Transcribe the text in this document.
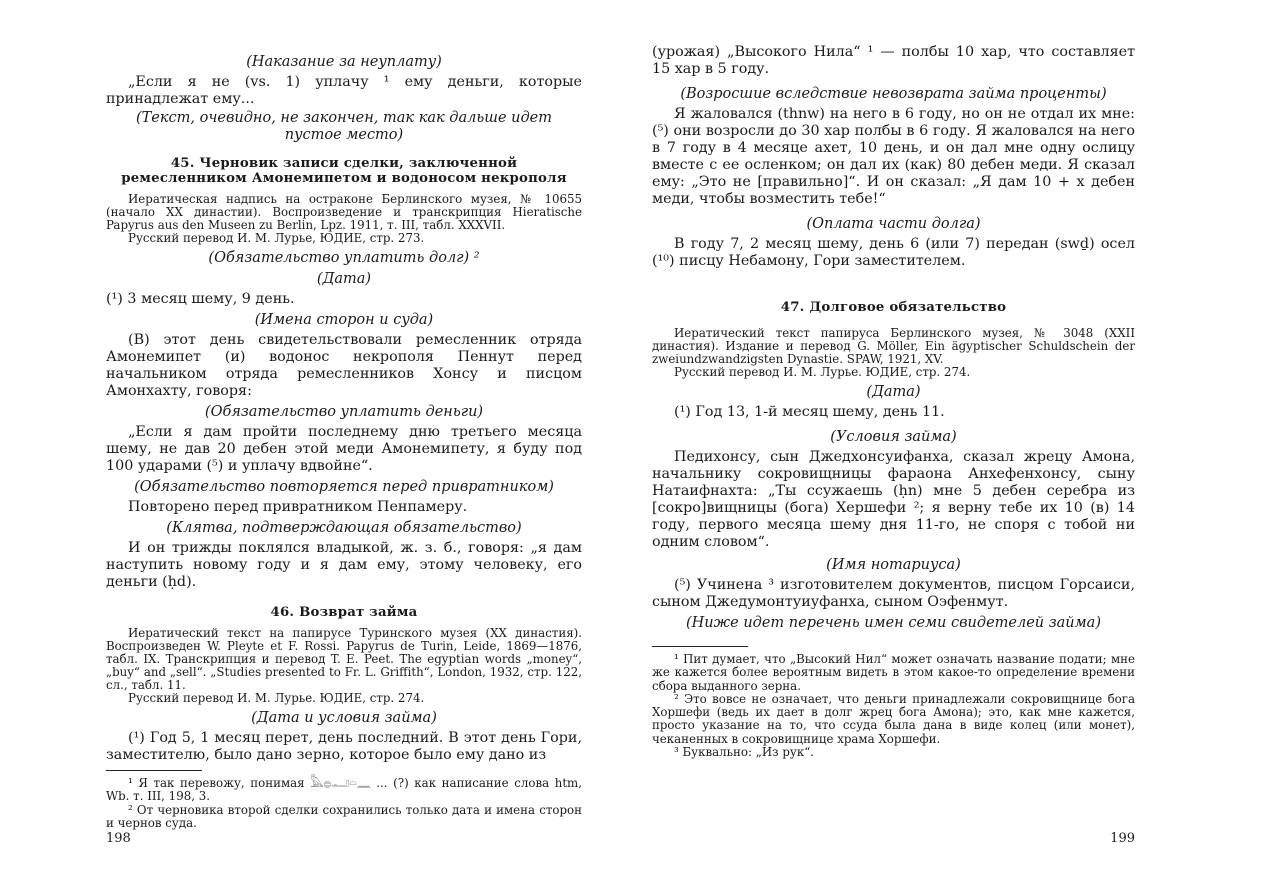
(Наказание за неуплату)

„Если я не (vs. 1) уплачу ¹ ему деньги, которые принадлежат ему...

(Текст, очевидно, не закончен, так как дальше идет пустое место)

45. Черновик записи сделки, заключенной ремесленником Амонемипетом и водоносом некрополя

Иератическая надпись на остраконе Берлинского музея, № 10655 (начало XX династии). Воспроизведение и транскрипция Hieratische Papyrus aus den Museen zu Berlin, Lpz. 1911, т. III, табл. XXXVII.
Русский перевод И. М. Лурье, ЮДИЕ, стр. 273.

(Обязательство уплатить долг) ²

(Дата)

(¹) 3 месяц шему, 9 день.

(Имена сторон и суда)

(В) этот день свидетельствовали ремесленник отряда Амонемипет (и) водонос некрополя Пеннут перед начальником отряда ремесленников Хонсу и писцом Амонхахту, говоря:

(Обязательство уплатить деньги)

„Если я дам пройти последнему дню третьего месяца шему, не дав 20 дебен этой меди Амонемипету, я буду под 100 ударами (⁵) и уплачу вдвойне“.

(Обязательство повторяется перед привратником)

Повторено перед привратником Пенпамеру.

(Клятва, подтверждающая обязательство)

И он трижды поклялся владыкой, ж. з. б., говоря: „я дам наступить новому году и я дам ему, этому человеку, его деньги (ḥd).

46. Возврат займа

Иератический текст на папирусе Туринского музея (XX династия). Воспроизведен W. Pleyte et F. Rossi. Papyrus de Turin, Leide, 1869—1876, табл. IX. Транскрипция и перевод T. E. Peet. The egyptian words „money“, „buy“ and „sell“. „Studies presented to Fr. L. Griffith“, London, 1932, стр. 122, сл., табл. 11.
Русский перевод И. М. Лурье. ЮДИЕ, стр. 274.

(Дата и условия займа)

(¹) Год 5, 1 месяц перет, день последний. В этот день Гори, заместителю, было дано зерно, которое было ему дано из

¹ Я так перевожу, понимая 𓅓𓐍𓂝𓏏𓈖 ... (?) как написание слова htm, Wb. т. III, 198, 3.

² От черновика второй сделки сохранились только дата и имена сторон и чернов суда.

198

(урожая) „Высокого Нила“ ¹ — полбы 10 хар, что составляет 15 хар в 5 году.

(Возросшие вследствие невозврата займа проценты)

Я жаловался (thnw) на него в 6 году, но он не отдал их мне: (⁵) они возросли до 30 хар полбы в 6 году. Я жаловался на него в 7 году в 4 месяце ахет, 10 день, и он дал мне одну ослицу вместе с ее осленком; он дал их (как) 80 дебен меди. Я сказал ему: „Это не [правильно]“. И он сказал: „Я дам 10 + x дебен меди, чтобы возместить тебе!“

(Оплата части долга)

В году 7, 2 месяц шему, день 6 (или 7) передан (swḏ) осел (¹⁰) писцу Небамону, Гори заместителем.

47. Долговое обязательство

Иератический текст папируса Берлинского музея, № 3048 (XXII династия). Издание и перевод G. Möller, Ein ägyptischer Schuldschein der zweiundzwandzigsten Dynastie. SPAW, 1921, XV.
Русский перевод И. М. Лурье. ЮДИЕ, стр. 274.

(Дата)

(¹) Год 13, 1-й месяц шему, день 11.

(Условия займа)

Педихонсу, сын Джедхонсуифанха, сказал жрецу Амона, начальнику сокровищницы фараона Анхефенхонсу, сыну Натаифнахта: „Ты ссужаешь (ḥn) мне 5 дебен серебра из [сокро]вищницы (бога) Хершефи ²; я верну тебе их 10 (в) 14 году, первого месяца шему дня 11-го, не споря с тобой ни одним словом“.

(Имя нотариуса)

(⁵) Учинена ³ изготовителем документов, писцом Горсаиси, сыном Джедумонтуиуфанха, сыном Оэфенмут.

(Ниже идет перечень имен семи свидетелей займа)

¹ Пит думает, что „Высокий Нил“ может означать название подати; мне же кажется более вероятным видеть в этом какое-то определение времени сбора выданного зерна.

² Это вовсе не означает, что деньги принадлежали сокровищнице бога Хоршефи (ведь их дает в долг жрец бога Амона); это, как мне кажется, просто указание на то, что ссуда была дана в виде колец (или монет), чеканенных в сокровищнице храма Хоршефи.

³ Буквально: „Из рук“.

199
